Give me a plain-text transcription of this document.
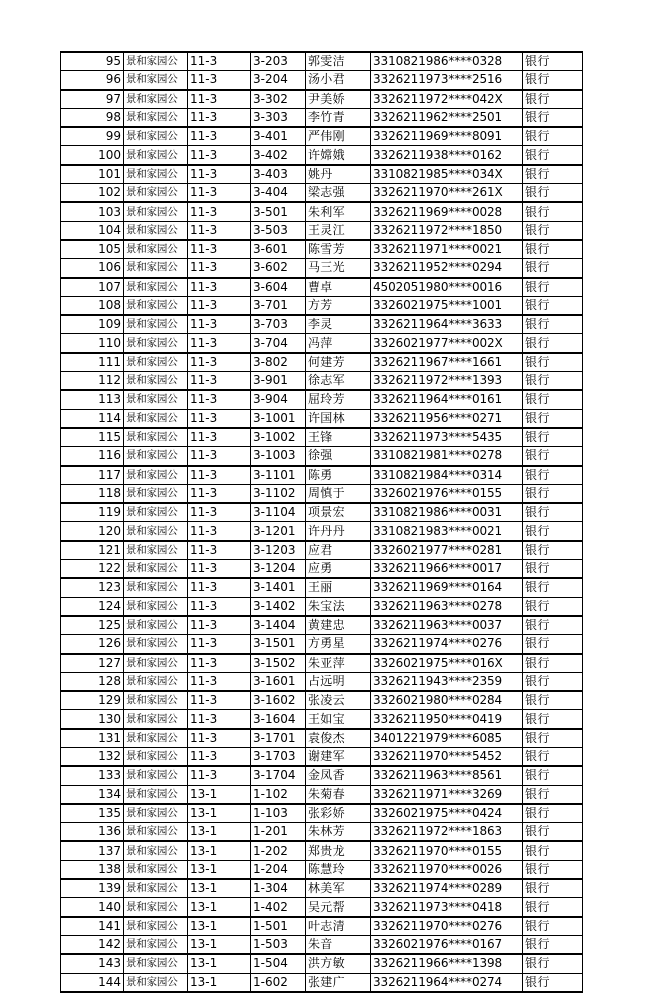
95	景和家园公	11-3	3-203	郭雯洁	3310821986****0328	银行
96	景和家园公	11-3	3-204	汤小君	3326211973****2516	银行
97	景和家园公	11-3	3-302	尹美娇	3326211972****042X	银行
98	景和家园公	11-3	3-303	李竹青	3326211962****2501	银行
99	景和家园公	11-3	3-401	严伟刚	3326211969****8091	银行
100	景和家园公	11-3	3-402	许嫦娥	3326211938****0162	银行
101	景和家园公	11-3	3-403	姚丹	3310821985****034X	银行
102	景和家园公	11-3	3-404	梁志强	3326211970****261X	银行
103	景和家园公	11-3	3-501	朱利军	3326211969****0028	银行
104	景和家园公	11-3	3-503	王灵江	3326211972****1850	银行
105	景和家园公	11-3	3-601	陈雪芳	3326211971****0021	银行
106	景和家园公	11-3	3-602	马三光	3326211952****0294	银行
107	景和家园公	11-3	3-604	曹卓	4502051980****0016	银行
108	景和家园公	11-3	3-701	方芳	3326021975****1001	银行
109	景和家园公	11-3	3-703	李灵	3326211964****3633	银行
110	景和家园公	11-3	3-704	冯萍	3326021977****002X	银行
111	景和家园公	11-3	3-802	何建芳	3326211967****1661	银行
112	景和家园公	11-3	3-901	徐志军	3326211972****1393	银行
113	景和家园公	11-3	3-904	屈玲芳	3326211964****0161	银行
114	景和家园公	11-3	3-1001	许国林	3326211956****0271	银行
115	景和家园公	11-3	3-1002	王锋	3326211973****5435	银行
116	景和家园公	11-3	3-1003	徐强	3310821981****0278	银行
117	景和家园公	11-3	3-1101	陈勇	3310821984****0314	银行
118	景和家园公	11-3	3-1102	周慎于	3326021976****0155	银行
119	景和家园公	11-3	3-1104	项景宏	3310821986****0031	银行
120	景和家园公	11-3	3-1201	许丹丹	3310821983****0021	银行
121	景和家园公	11-3	3-1203	应君	3326021977****0281	银行
122	景和家园公	11-3	3-1204	应勇	3326211966****0017	银行
123	景和家园公	11-3	3-1401	王丽	3326211969****0164	银行
124	景和家园公	11-3	3-1402	朱宝法	3326211963****0278	银行
125	景和家园公	11-3	3-1404	黄建忠	3326211963****0037	银行
126	景和家园公	11-3	3-1501	方勇星	3326211974****0276	银行
127	景和家园公	11-3	3-1502	朱亚萍	3326021975****016X	银行
128	景和家园公	11-3	3-1601	占远明	3326211943****2359	银行
129	景和家园公	11-3	3-1602	张凌云	3326021980****0284	银行
130	景和家园公	11-3	3-1604	王如宝	3326211950****0419	银行
131	景和家园公	11-3	3-1701	袁俊杰	3401221979****6085	银行
132	景和家园公	11-3	3-1703	谢建军	3326211970****5452	银行
133	景和家园公	11-3	3-1704	金凤香	3326211963****8561	银行
134	景和家园公	13-1	1-102	朱菊春	3326211971****3269	银行
135	景和家园公	13-1	1-103	张彩娇	3326021975****0424	银行
136	景和家园公	13-1	1-201	朱林芳	3326211972****1863	银行
137	景和家园公	13-1	1-202	郑贵龙	3326211970****0155	银行
138	景和家园公	13-1	1-204	陈慧玲	3326211970****0026	银行
139	景和家园公	13-1	1-304	林美军	3326211974****0289	银行
140	景和家园公	13-1	1-402	吴元帮	3326211973****0418	银行
141	景和家园公	13-1	1-501	叶志清	3326211970****0276	银行
142	景和家园公	13-1	1-503	朱音	3326021976****0167	银行
143	景和家园公	13-1	1-504	洪方敏	3326211966****1398	银行
144	景和家园公	13-1	1-602	张建广	3326211964****0274	银行
